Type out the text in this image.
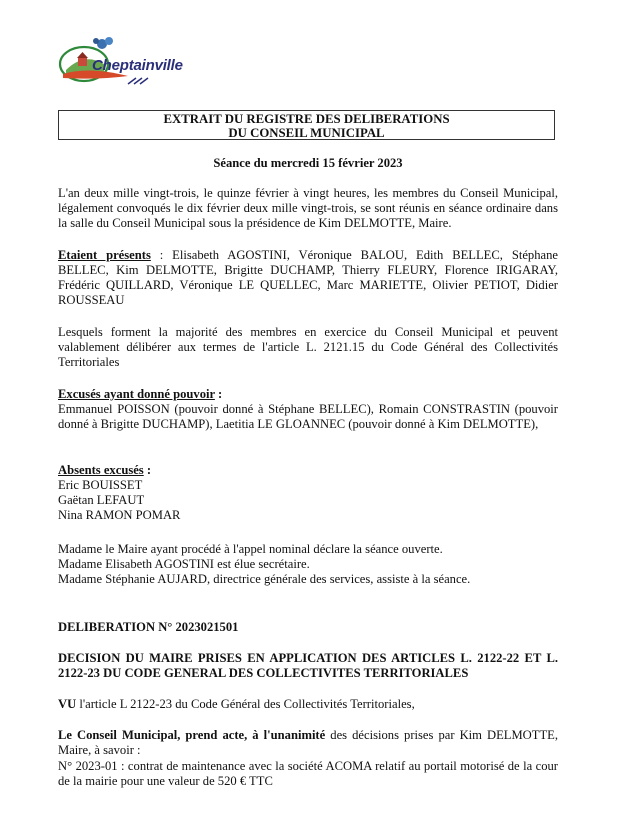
Cheptainville
EXTRAIT DU REGISTRE DES DELIBERATIONS
DU CONSEIL MUNICIPAL
Séance du mercredi 15 février 2023

L'an deux mille vingt-trois, le quinze février à vingt heures, les membres du Conseil Municipal, légalement convoqués le dix février deux mille vingt-trois, se sont réunis en séance ordinaire dans la salle du Conseil Municipal sous la présidence de Kim DELMOTTE, Maire.

Etaient présents : Elisabeth AGOSTINI, Véronique BALOU, Edith BELLEC, Stéphane BELLEC, Kim DELMOTTE, Brigitte DUCHAMP, Thierry FLEURY, Florence IRIGARAY, Frédéric QUILLARD, Véronique LE QUELLEC, Marc MARIETTE, Olivier PETIOT, Didier ROUSSEAU

Lesquels forment la majorité des membres en exercice du Conseil Municipal et peuvent valablement délibérer aux termes de l'article L. 2121.15 du Code Général des Collectivités Territoriales

Excusés ayant donné pouvoir :

Emmanuel POISSON (pouvoir donné à Stéphane BELLEC), Romain CONSTRASTIN (pouvoir donné à Brigitte DUCHAMP), Laetitia LE GLOANNEC (pouvoir donné à Kim DELMOTTE),

Absents excusés :
Eric BOUISSET
Gaëtan LEFAUT
Nina RAMON POMAR
Madame le Maire ayant procédé à l'appel nominal déclare la séance ouverte.
Madame Elisabeth AGOSTINI est élue secrétaire.
Madame Stéphanie AUJARD, directrice générale des services, assiste à la séance.
DELIBERATION N° 2023021501

DECISION DU MAIRE PRISES EN APPLICATION DES ARTICLES L. 2122-22 ET L. 2122-23 DU CODE GENERAL DES COLLECTIVITES TERRITORIALES

VU l'article L 2122-23 du Code Général des Collectivités Territoriales,

Le Conseil Municipal, prend acte, à l'unanimité des décisions prises par Kim DELMOTTE, Maire, à savoir :

N° 2023-01 : contrat de maintenance avec la société ACOMA relatif au portail motorisé de la cour de la mairie pour une valeur de 520 € TTC
